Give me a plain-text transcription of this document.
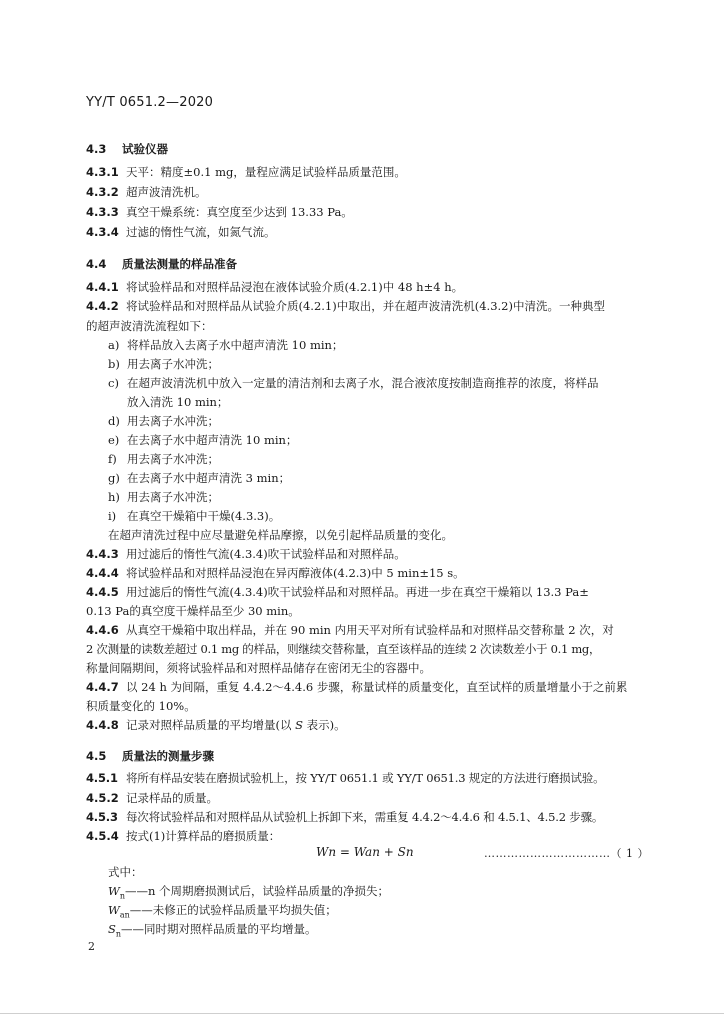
YY/T 0651.2—2020
4.3 试验仪器
4.3.1 天平：精度±0.1 mg，量程应满足试验样品质量范围。
4.3.2 超声波清洗机。
4.3.3 真空干燥系统：真空度至少达到 13.33 Pa。
4.3.4 过滤的惰性气流，如氮气流。
4.4 质量法测量的样品准备
4.4.1 将试验样品和对照样品浸泡在液体试验介质(4.2.1)中 48 h±4 h。
4.4.2 将试验样品和对照样品从试验介质(4.2.1)中取出，并在超声波清洗机(4.3.2)中清洗。一种典型
的超声波清洗流程如下：
a) 将样品放入去离子水中超声清洗 10 min；
b) 用去离子水冲洗；
c) 在超声波清洗机中放入一定量的清洁剂和去离子水，混合液浓度按制造商推荐的浓度，将样品
放入清洗 10 min；
d) 用去离子水冲洗；
e) 在去离子水中超声清洗 10 min；
f) 用去离子水冲洗；
g) 在去离子水中超声清洗 3 min；
h) 用去离子水冲洗；
i) 在真空干燥箱中干燥(4.3.3)。
在超声清洗过程中应尽量避免样品摩擦，以免引起样品质量的变化。
4.4.3 用过滤后的惰性气流(4.3.4)吹干试验样品和对照样品。
4.4.4 将试验样品和对照样品浸泡在异丙醇液体(4.2.3)中 5 min±15 s。
4.4.5 用过滤后的惰性气流(4.3.4)吹干试验样品和对照样品。再进一步在真空干燥箱以 13.3 Pa±
0.13 Pa的真空度干燥样品至少 30 min。
4.4.6 从真空干燥箱中取出样品，并在 90 min 内用天平对所有试验样品和对照样品交替称量 2 次，对
2 次测量的读数差超过 0.1 mg 的样品，则继续交替称量，直至该样品的连续 2 次读数差小于 0.1 mg，
称量间隔期间，须将试验样品和对照样品储存在密闭无尘的容器中。
4.4.7 以 24 h 为间隔，重复 4.4.2～4.4.6 步骤，称量试样的质量变化，直至试样的质量增量小于之前累
积质量变化的 10%。
4.4.8 记录对照样品质量的平均增量(以 S 表示)。
4.5 质量法的测量步骤
4.5.1 将所有样品安装在磨损试验机上，按 YY/T 0651.1 或 YY/T 0651.3 规定的方法进行磨损试验。
4.5.2 记录样品的质量。
4.5.3 每次将试验样品和对照样品从试验机上拆卸下来，需重复 4.4.2～4.4.6 和 4.5.1、4.5.2 步骤。
4.5.4 按式(1)计算样品的磨损质量：
Wn = Wan + Sn	……………………………（ 1 ）
式中：
$W_n——n$ 个周期磨损测试后，试验样品质量的净损失；
$W_{an}——$未修正的试验样品质量平均损失值；
$S_n——$同时期对照样品质量的平均增量。
2
